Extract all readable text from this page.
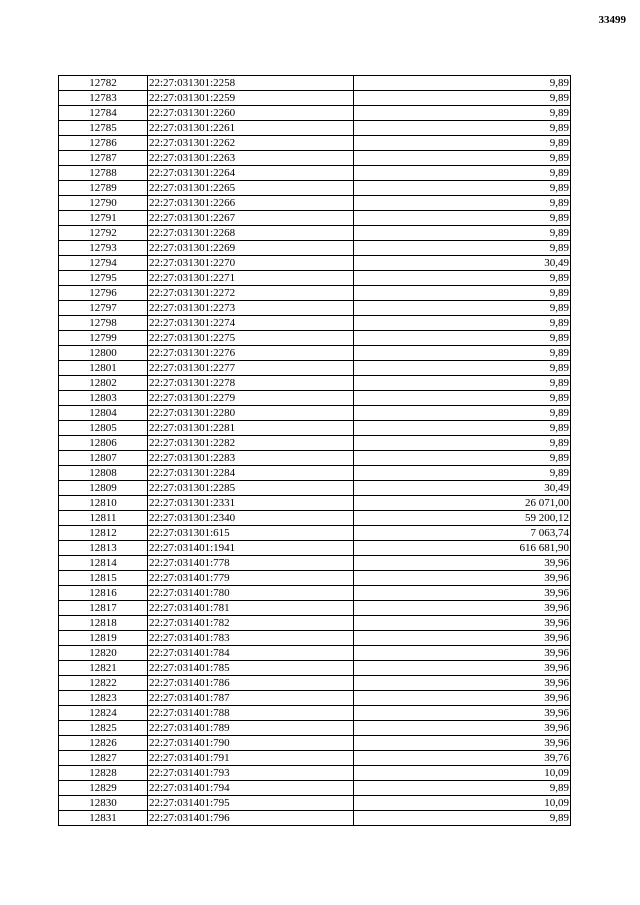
33499
12782	22:27:031301:2258	9,89
12783	22:27:031301:2259	9,89
12784	22:27:031301:2260	9,89
12785	22:27:031301:2261	9,89
12786	22:27:031301:2262	9,89
12787	22:27:031301:2263	9,89
12788	22:27:031301:2264	9,89
12789	22:27:031301:2265	9,89
12790	22:27:031301:2266	9,89
12791	22:27:031301:2267	9,89
12792	22:27:031301:2268	9,89
12793	22:27:031301:2269	9,89
12794	22:27:031301:2270	30,49
12795	22:27:031301:2271	9,89
12796	22:27:031301:2272	9,89
12797	22:27:031301:2273	9,89
12798	22:27:031301:2274	9,89
12799	22:27:031301:2275	9,89
12800	22:27:031301:2276	9,89
12801	22:27:031301:2277	9,89
12802	22:27:031301:2278	9,89
12803	22:27:031301:2279	9,89
12804	22:27:031301:2280	9,89
12805	22:27:031301:2281	9,89
12806	22:27:031301:2282	9,89
12807	22:27:031301:2283	9,89
12808	22:27:031301:2284	9,89
12809	22:27:031301:2285	30,49
12810	22:27:031301:2331	26 071,00
12811	22:27:031301:2340	59 200,12
12812	22:27:031301:615	7 063,74
12813	22:27:031401:1941	616 681,90
12814	22:27:031401:778	39,96
12815	22:27:031401:779	39,96
12816	22:27:031401:780	39,96
12817	22:27:031401:781	39,96
12818	22:27:031401:782	39,96
12819	22:27:031401:783	39,96
12820	22:27:031401:784	39,96
12821	22:27:031401:785	39,96
12822	22:27:031401:786	39,96
12823	22:27:031401:787	39,96
12824	22:27:031401:788	39,96
12825	22:27:031401:789	39,96
12826	22:27:031401:790	39,96
12827	22:27:031401:791	39,76
12828	22:27:031401:793	10,09
12829	22:27:031401:794	9,89
12830	22:27:031401:795	10,09
12831	22:27:031401:796	9,89
